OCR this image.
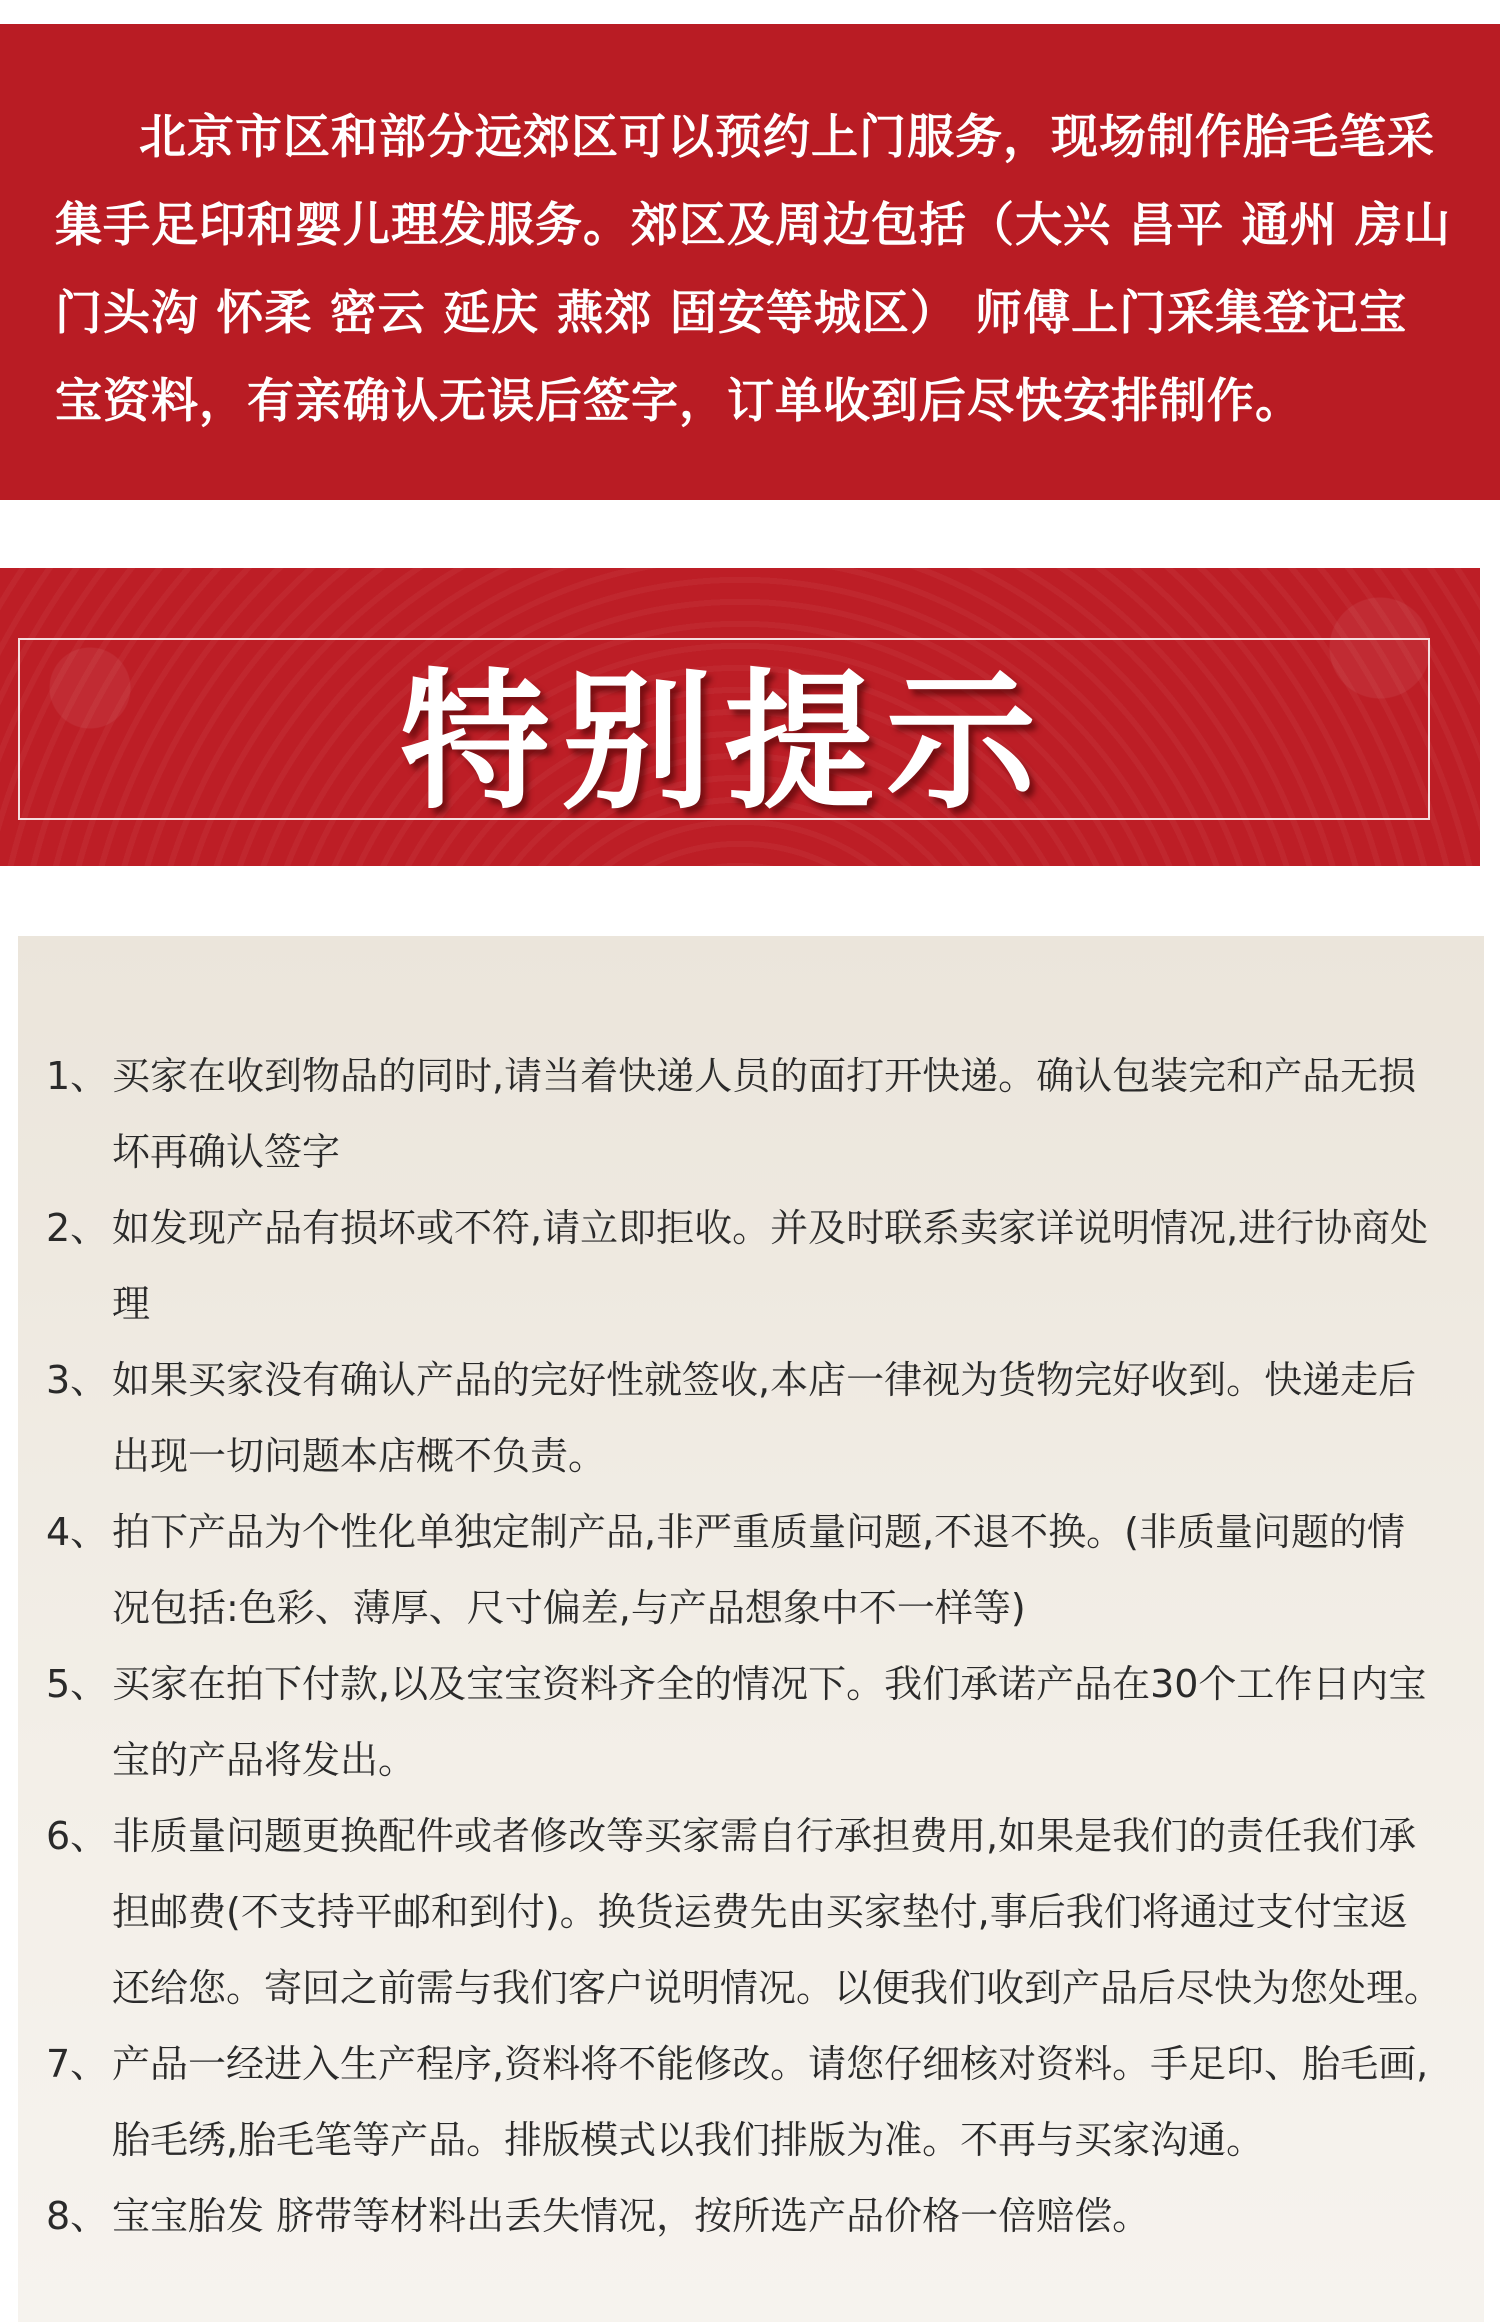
北京市区和部分远郊区可以预约上门服务，现场制作胎毛笔采集手足印和婴儿理发服务。郊区及周边包括（大兴 昌平 通州 房山 门头沟 怀柔 密云 延庆 燕郊 固安等城区） 师傅上门采集登记宝宝资料，有亲确认无误后签字，订单收到后尽快安排制作。

特别提示
1、 买家在收到物品的同时,请当着快递人员的面打开快递。确认包装完和产品无损坏再确认签字
2、 如发现产品有损坏或不符,请立即拒收。并及时联系卖家详说明情况,进行协商处理
3、 如果买家没有确认产品的完好性就签收,本店一律视为货物完好收到。快递走后出现一切问题本店概不负责。
4、 拍下产品为个性化单独定制产品,非严重质量问题,不退不换。(非质量问题的情况包括:色彩、薄厚、尺寸偏差,与产品想象中不一样等)
5、 买家在拍下付款,以及宝宝资料齐全的情况下。我们承诺产品在30个工作日内宝宝的产品将发出。
6、 非质量问题更换配件或者修改等买家需自行承担费用,如果是我们的责任我们承担邮费(不支持平邮和到付)。换货运费先由买家垫付,事后我们将通过支付宝返还给您。寄回之前需与我们客户说明情况。以便我们收到产品后尽快为您处理。
7、 产品一经进入生产程序,资料将不能修改。请您仔细核对资料。手足印、胎毛画,胎毛绣,胎毛笔等产品。排版模式以我们排版为准。不再与买家沟通。
8、 宝宝胎发 脐带等材料出丢失情况，按所选产品价格一倍赔偿。
